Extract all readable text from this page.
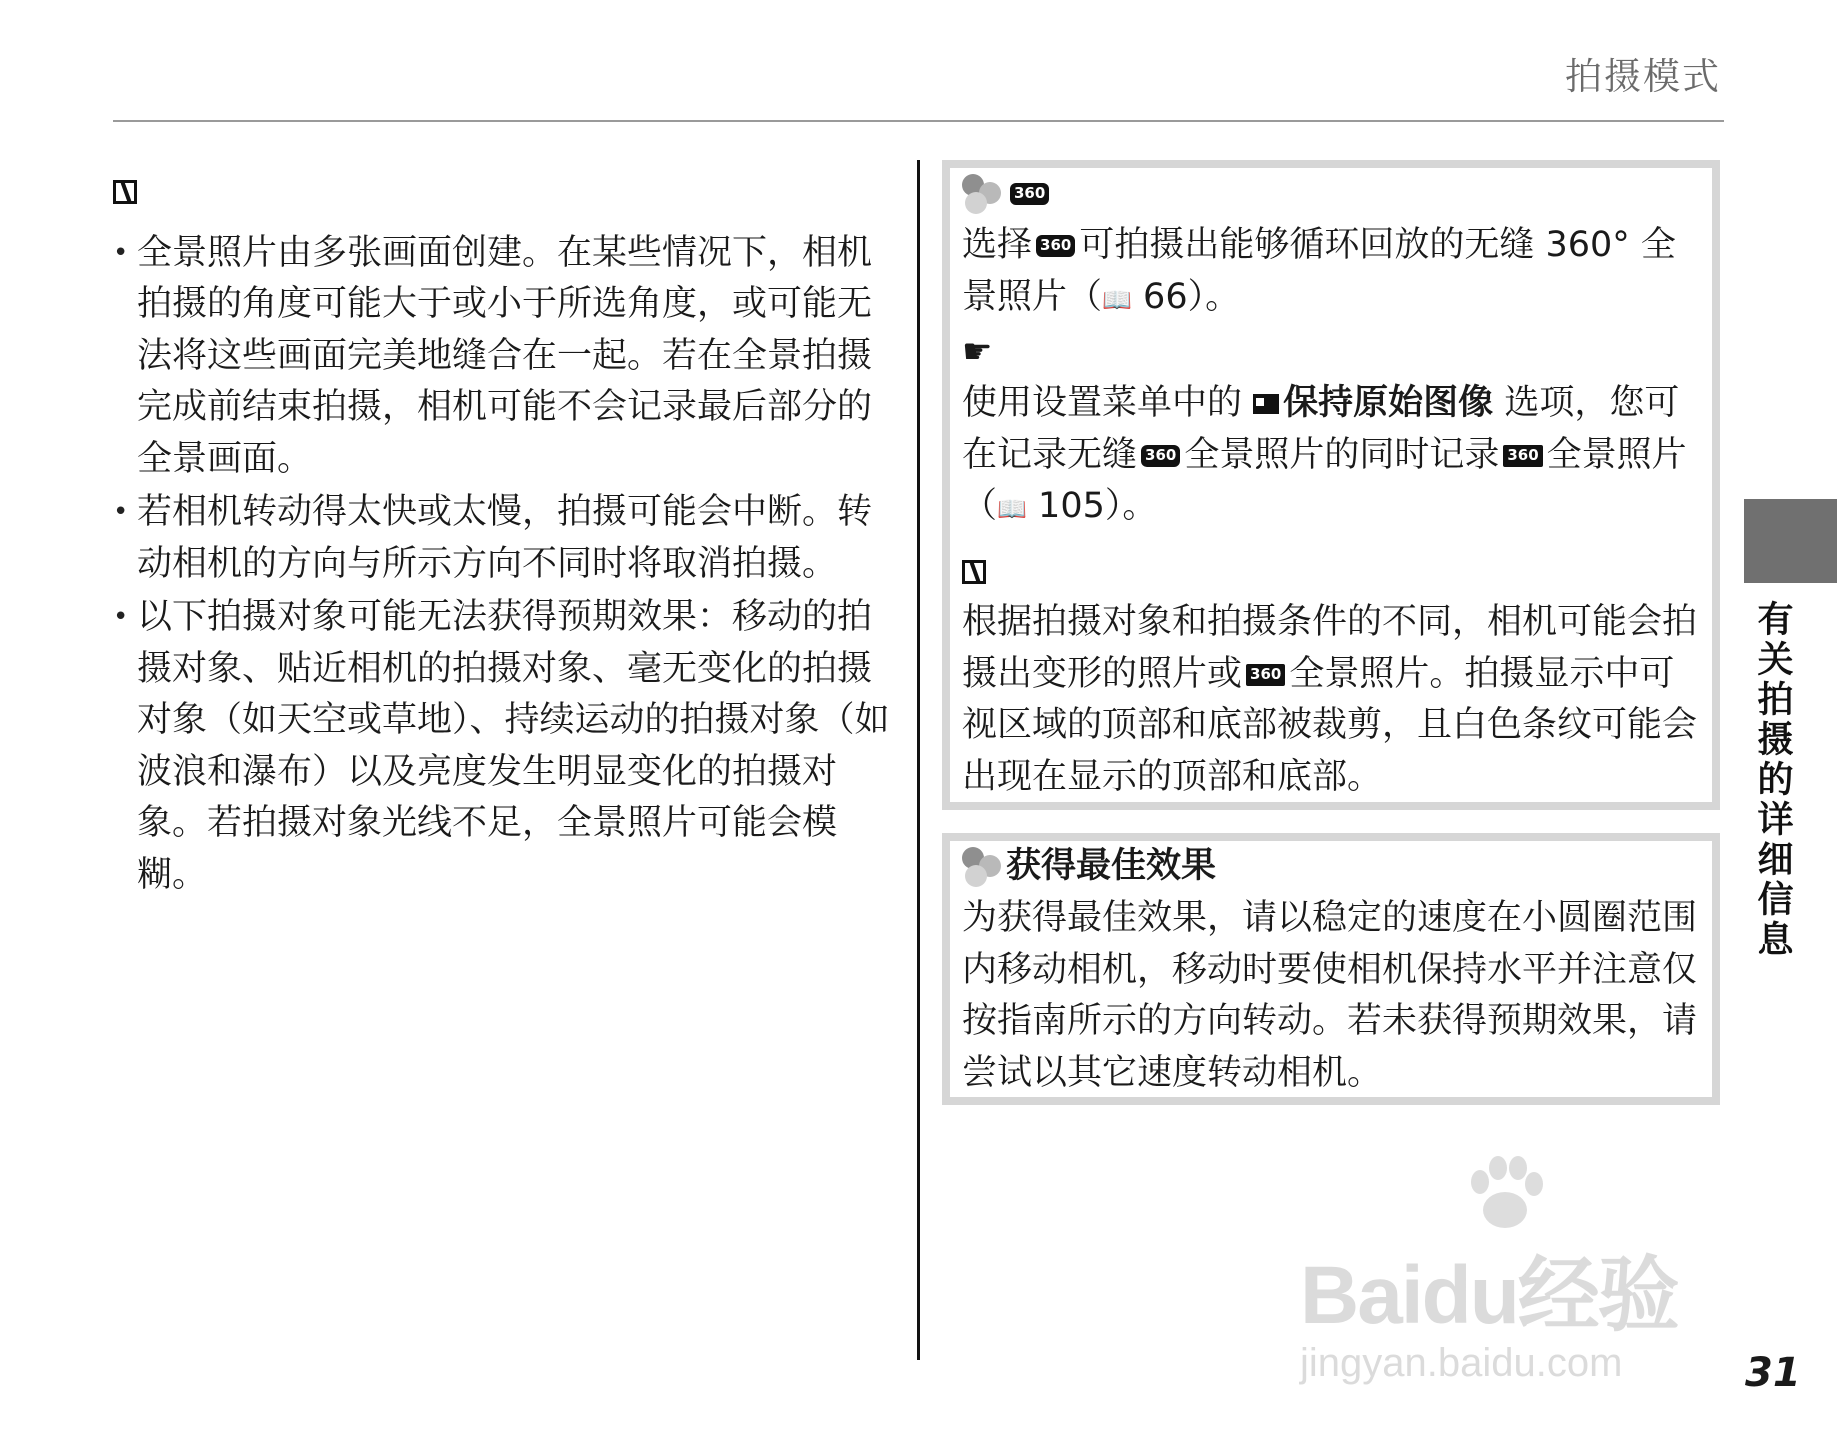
拍摄模式
• 全景照片由多张画面创建。在某些情况下，相机拍摄的角度可能大于或小于所选角度，或可能无法将这些画面完美地缝合在一起。若在全景拍摄完成前结束拍摄，相机可能不会记录最后部分的全景画面。
• 若相机转动得太快或太慢，拍摄可能会中断。转动相机的方向与所示方向不同时将取消拍摄。
• 以下拍摄对象可能无法获得预期效果：移动的拍摄对象、贴近相机的拍摄对象、毫无变化的拍摄对象（如天空或草地）、持续运动的拍摄对象（如波浪和瀑布）以及亮度发生明显变化的拍摄对象。若拍摄对象光线不足，全景照片可能会模糊。
360

选择 360 可拍摄出能够循环回放的无缝 360° 全景照片（📖 66）。

☛

使用设置菜单中的 保持原始图像 选项，您可在记录无缝 360 全景照片的同时记录 360 全景照片（📖 105）。

根据拍摄对象和拍摄条件的不同，相机可能会拍摄出变形的照片或 360 全景照片。拍摄显示中可视区域的顶部和底部被裁剪，且白色条纹可能会出现在显示的顶部和底部。

获得最佳效果

为获得最佳效果，请以稳定的速度在小圆圈范围内移动相机，移动时要使相机保持水平并注意仅按指南所示的方向转动。若未获得预期效果，请尝试以其它速度转动相机。

有关拍摄的详细信息
31
Baidu经验
jingyan.baidu.com
